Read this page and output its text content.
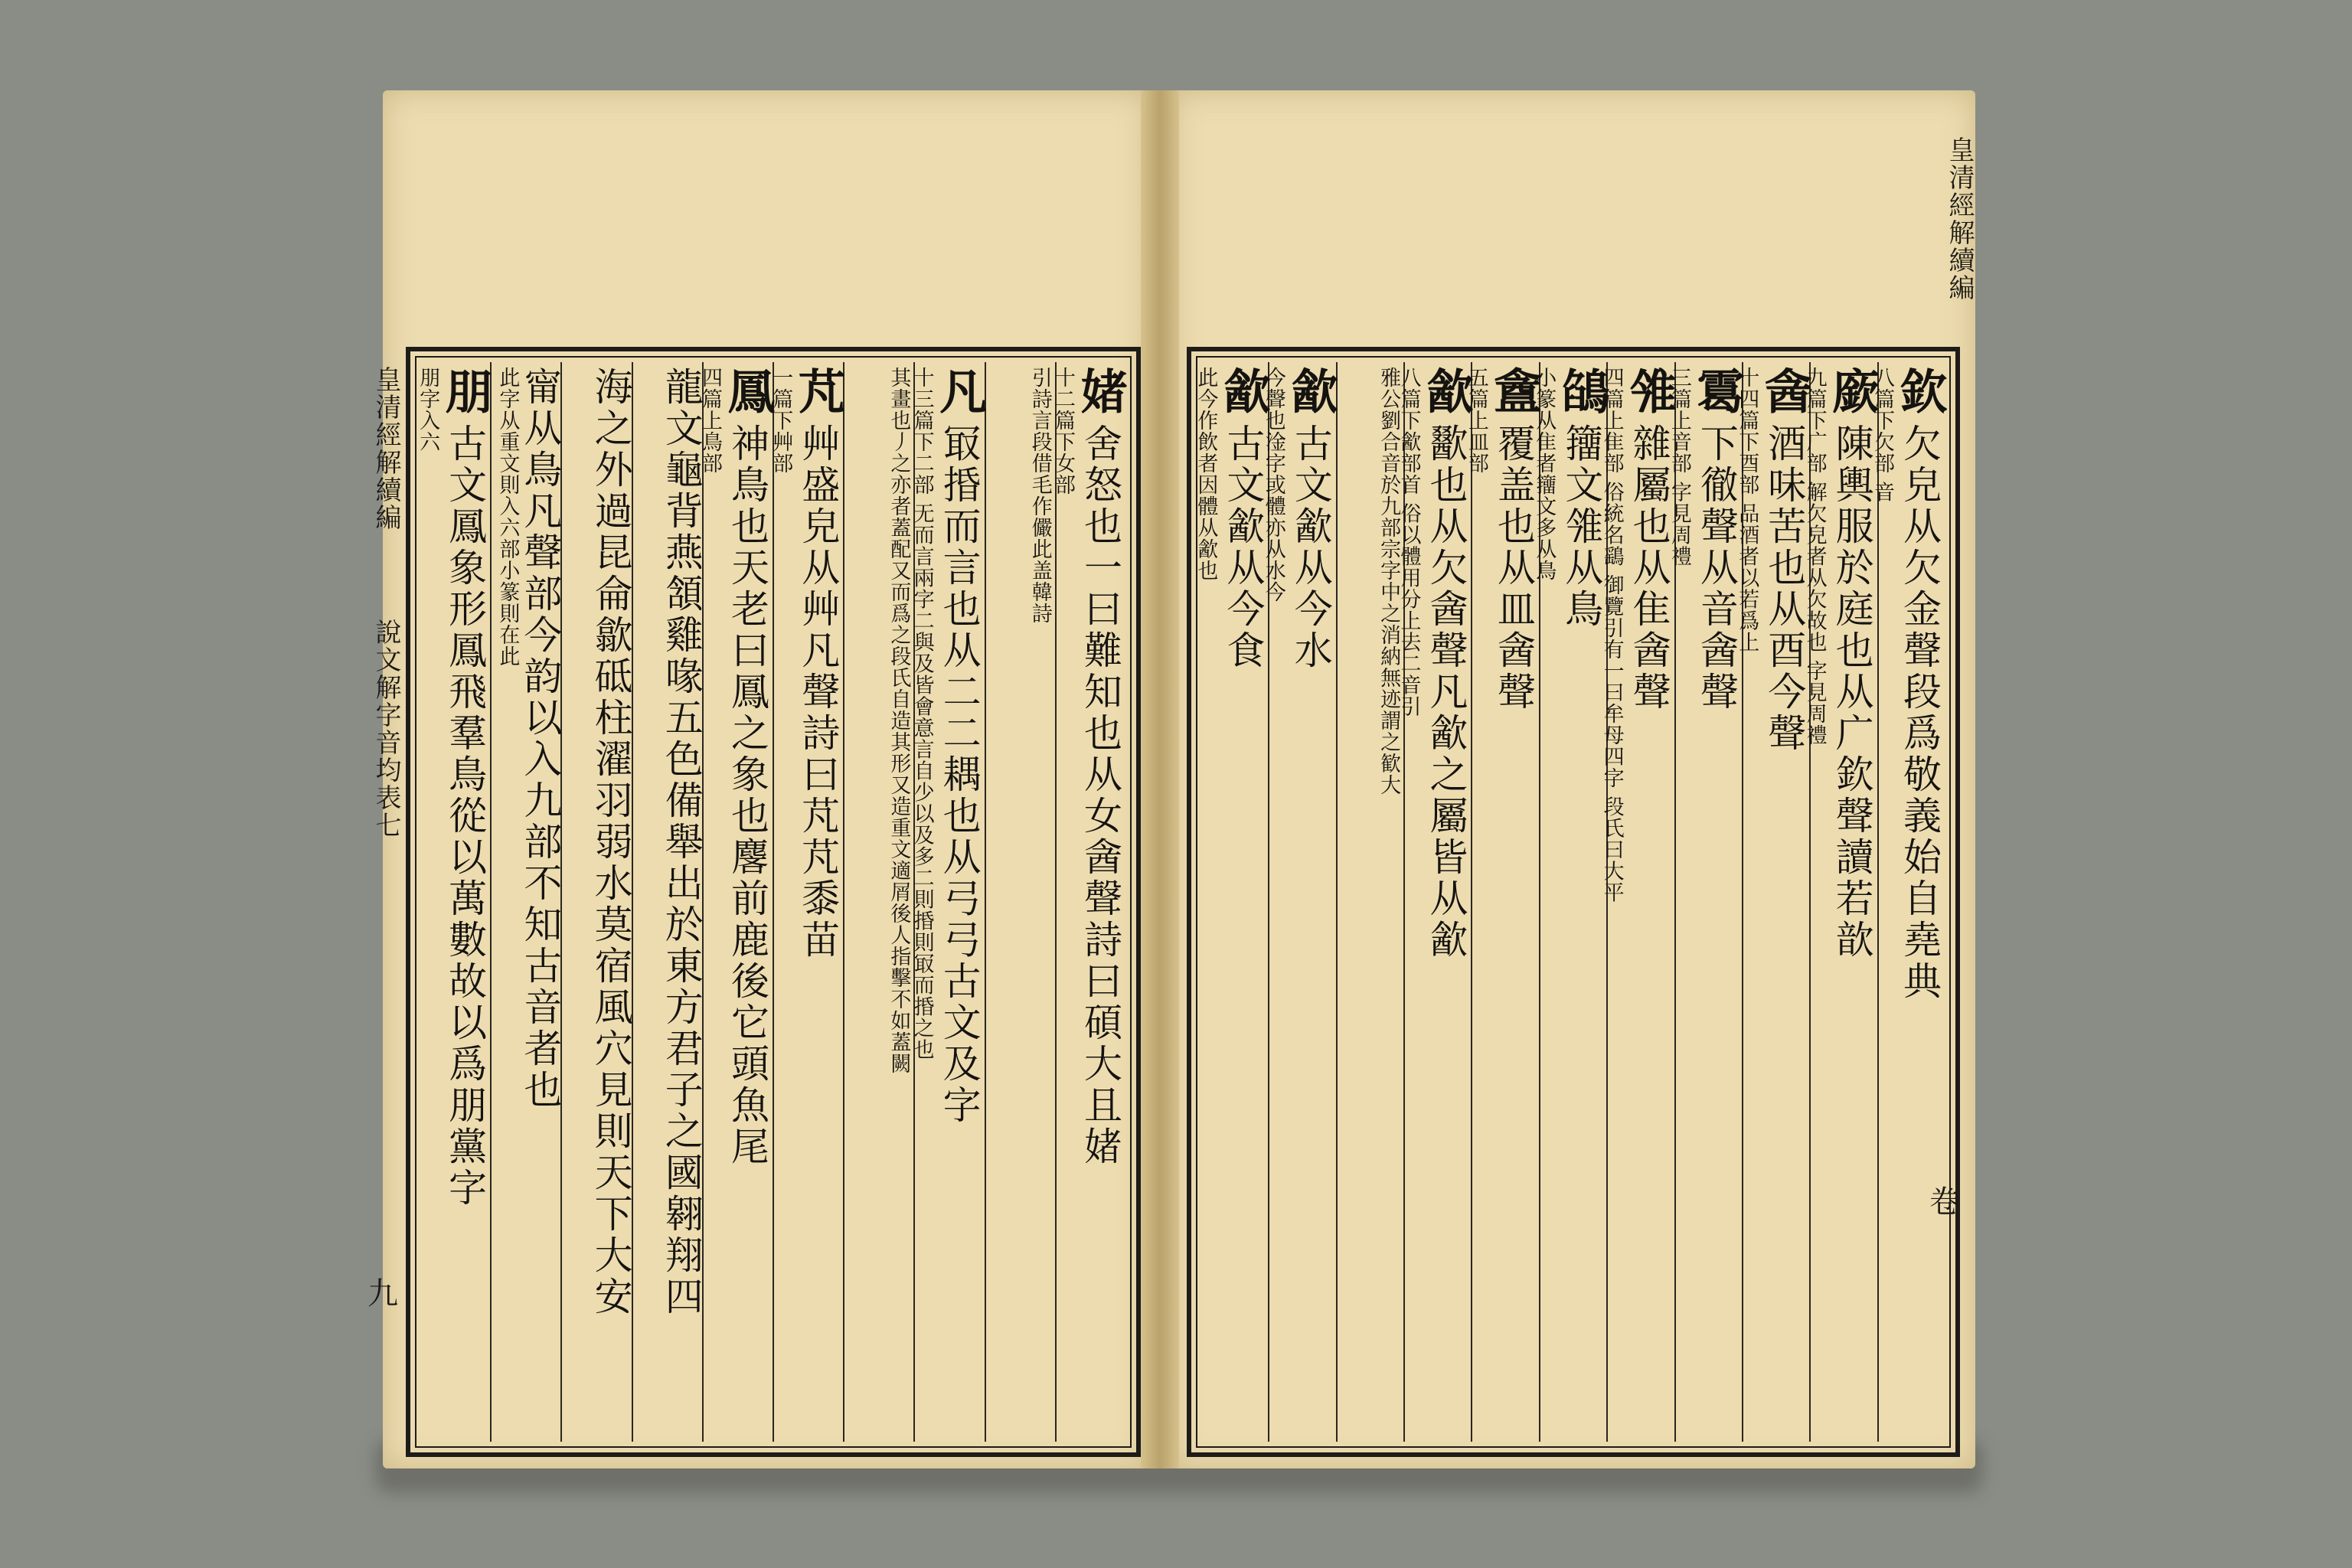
媎舍怒也一曰難知也从女酓聲詩曰碩大且媎
十二篇下女部
引詩言段借毛作儼此盖韓詩
凡冣捪而言也从二二耦也从弓弓古文及字
十三篇下二部 无而言兩字二與及皆會意言自少以及多二則捪則冣而捪之也
其畫也丿之亦者蓋配又而爲之段氏自造其形又造重文適屑後人指擊不如蓋闕
芃艸盛皃从艸凡聲詩曰芃芃黍苗
一篇下艸部
鳳神鳥也天老曰鳳之象也麐前鹿後它頭魚尾
四篇上鳥部
龍文龜背燕頷雞喙五色備舉出於東方君子之國翱翔四
海之外過昆侖歙砥柱濯羽弱水莫宿風穴見則天下大安
甯从鳥凡聲部今韵以入九部不知古音者也
此字从重文則入六部小篆則在此
朋古文鳳象形鳳飛羣鳥從以萬數故以爲朋黨字
朋字入六
皇清經解續編
說文解字音均表七
九
欽欠皃从欠金聲段爲敬義始自堯典
八篇下欠部 音
廞陳輿服於庭也从广欽聲讀若歆
九篇下广部 解欠皃者从欠故也 字見周禮
酓酒味苦也从酉今聲
十四篇下酉部 品酒者以若爲上
䨠下徹聲从音酓聲
三篇上音部 字見周禮
雂雜屬也从隹酓聲
四篇上隹部 俗統名鷂 御覽引有一曰牟母四字 段氏曰大平
鵮籒文雂从鳥
小篆从隹者籒文多从鳥
盦覆盖也从皿酓聲
五篇上皿部
㱃歠也从欠酓聲凡㱃之屬皆从㱃
八篇下㱃部首 俗以體用分上去二音引
雅公劉合音於九部宗字中之消納無迹謂之歓大
㱃古文㱃从今水
今聲也淦字或體亦从水今
㱃古文㱃从今食
此今作飲者因體从㱃也
皇清經解續編
卷
